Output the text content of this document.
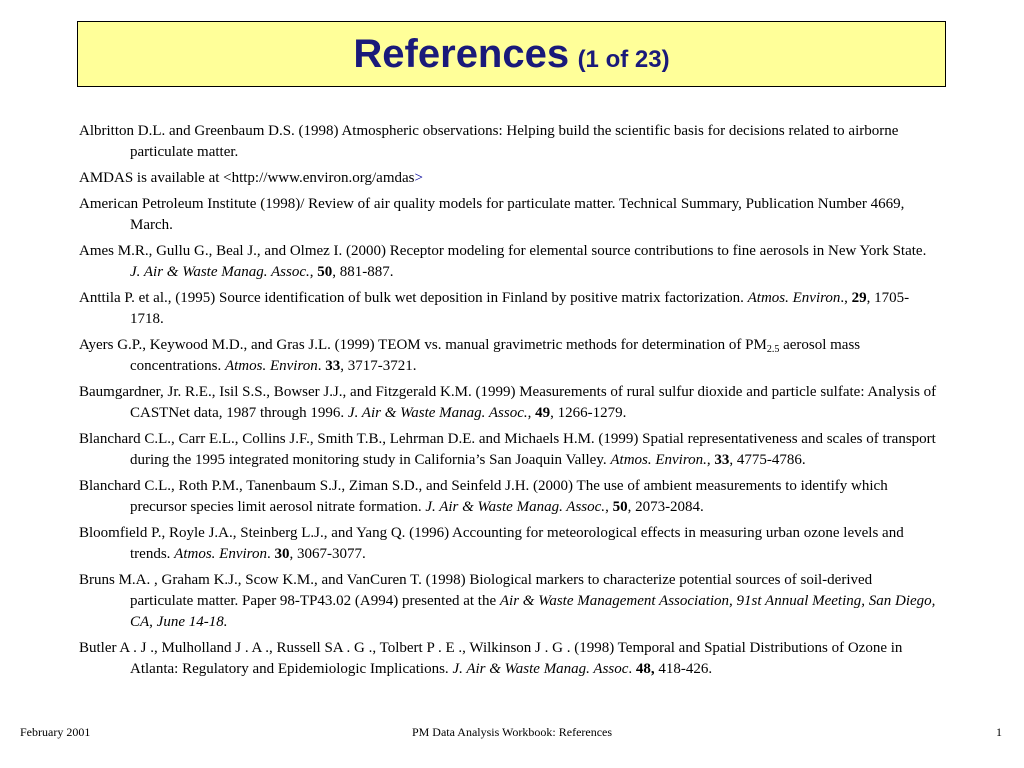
References (1 of 23)
Albritton D.L. and Greenbaum D.S. (1998) Atmospheric observations: Helping build the scientific basis for decisions related to airborne particulate matter.
AMDAS is available at <http://www.environ.org/amdas>
American Petroleum Institute (1998)/ Review of air quality models for particulate matter. Technical Summary, Publication Number 4669, March.
Ames M.R., Gullu G., Beal J., and Olmez I. (2000) Receptor modeling for elemental source contributions to fine aerosols in New York State. J. Air & Waste Manag. Assoc., 50, 881-887.
Anttila P. et al., (1995) Source identification of bulk wet deposition in Finland by positive matrix factorization. Atmos. Environ., 29, 1705-1718.
Ayers G.P., Keywood M.D., and Gras J.L. (1999) TEOM vs. manual gravimetric methods for determination of $PM_{2.5}$ aerosol mass concentrations. Atmos. Environ. 33, 3717-3721.
Baumgardner, Jr. R.E., Isil S.S., Bowser J.J., and Fitzgerald K.M. (1999) Measurements of rural sulfur dioxide and particle sulfate: Analysis of CASTNet data, 1987 through 1996. J. Air & Waste Manag. Assoc., 49, 1266-1279.
Blanchard C.L., Carr E.L., Collins J.F., Smith T.B., Lehrman D.E. and Michaels H.M. (1999) Spatial representativeness and scales of transport during the 1995 integrated monitoring study in California’s San Joaquin Valley. Atmos. Environ., 33, 4775-4786.
Blanchard C.L., Roth P.M., Tanenbaum S.J., Ziman S.D., and Seinfeld J.H. (2000) The use of ambient measurements to identify which precursor species limit aerosol nitrate formation. J. Air & Waste Manag. Assoc., 50, 2073-2084.
Bloomfield P., Royle J.A., Steinberg L.J., and Yang Q. (1996) Accounting for meteorological effects in measuring urban ozone levels and trends. Atmos. Environ. 30, 3067-3077.
Bruns M.A. , Graham K.J., Scow K.M., and VanCuren T. (1998) Biological markers to characterize potential sources of soil-derived particulate matter. Paper 98-TP43.02 (A994) presented at the Air & Waste Management Association, 91st Annual Meeting, San Diego, CA, June 14-18.
Butler A . J ., Mulholland J . A ., Russell SA . G ., Tolbert P . E ., Wilkinson J . G . (1998) Temporal and Spatial Distributions of Ozone in Atlanta: Regulatory and Epidemiologic Implications. J. Air & Waste Manag. Assoc. 48, 418-426.
February 2001	PM Data Analysis Workbook: References	1
